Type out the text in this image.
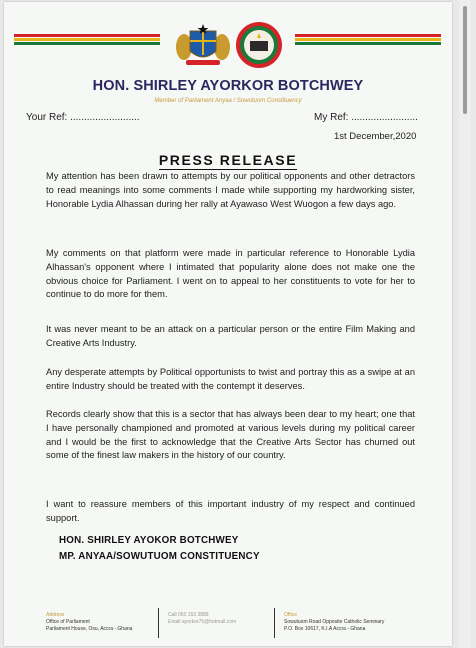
HON. SHIRLEY AYORKOR BOTCHWEY
Member of Parliament Anyaa / Sowutuom Constituency
Your Ref: .........................	My Ref: ........................
1st December,2020
PRESS RELEASE

My attention has been drawn to attempts by our political opponents and other detractors to read meanings into some comments I made while supporting my hardworking sister, Honorable Lydia Alhassan during her rally at Ayawaso West Wuogon a few days ago.

My comments on that platform were made in particular reference to Honorable Lydia Alhassan's opponent where I intimated that popularity alone does not make one the obvious choice for Parliament. I went on to appeal to her constituents to vote for her to continue to do more for them.

It was never meant to be an attack on a particular person or the entire Film Making and Creative Arts Industry.

Any desperate attempts by Political opportunists to twist and portray this as a swipe at an entire Industry should be treated with the contempt it deserves.

Records clearly show that this is a sector that has always been dear to my heart; one that I have personally championed and promoted at various levels during my political career and I would be the first to acknowledge that the Creative Arts Sector has churned out some of the finest law makers in the history of our country.

I want to reassure members of this important industry of my respect and continued support.

HON. SHIRLEY AYOKOR BOTCHWEY
MP. ANYAA/SOWUTUOM CONSTITUENCY
Address
Office of Parliament
Parliament House, Osu, Accra - Ghana
Call 050 153 3888
Email ayorkor75@hotmail.com
Office
Sowutuom Road Opposite Catholic Seminary
P.O. Box 10617, K.I.A Accra - Ghana
